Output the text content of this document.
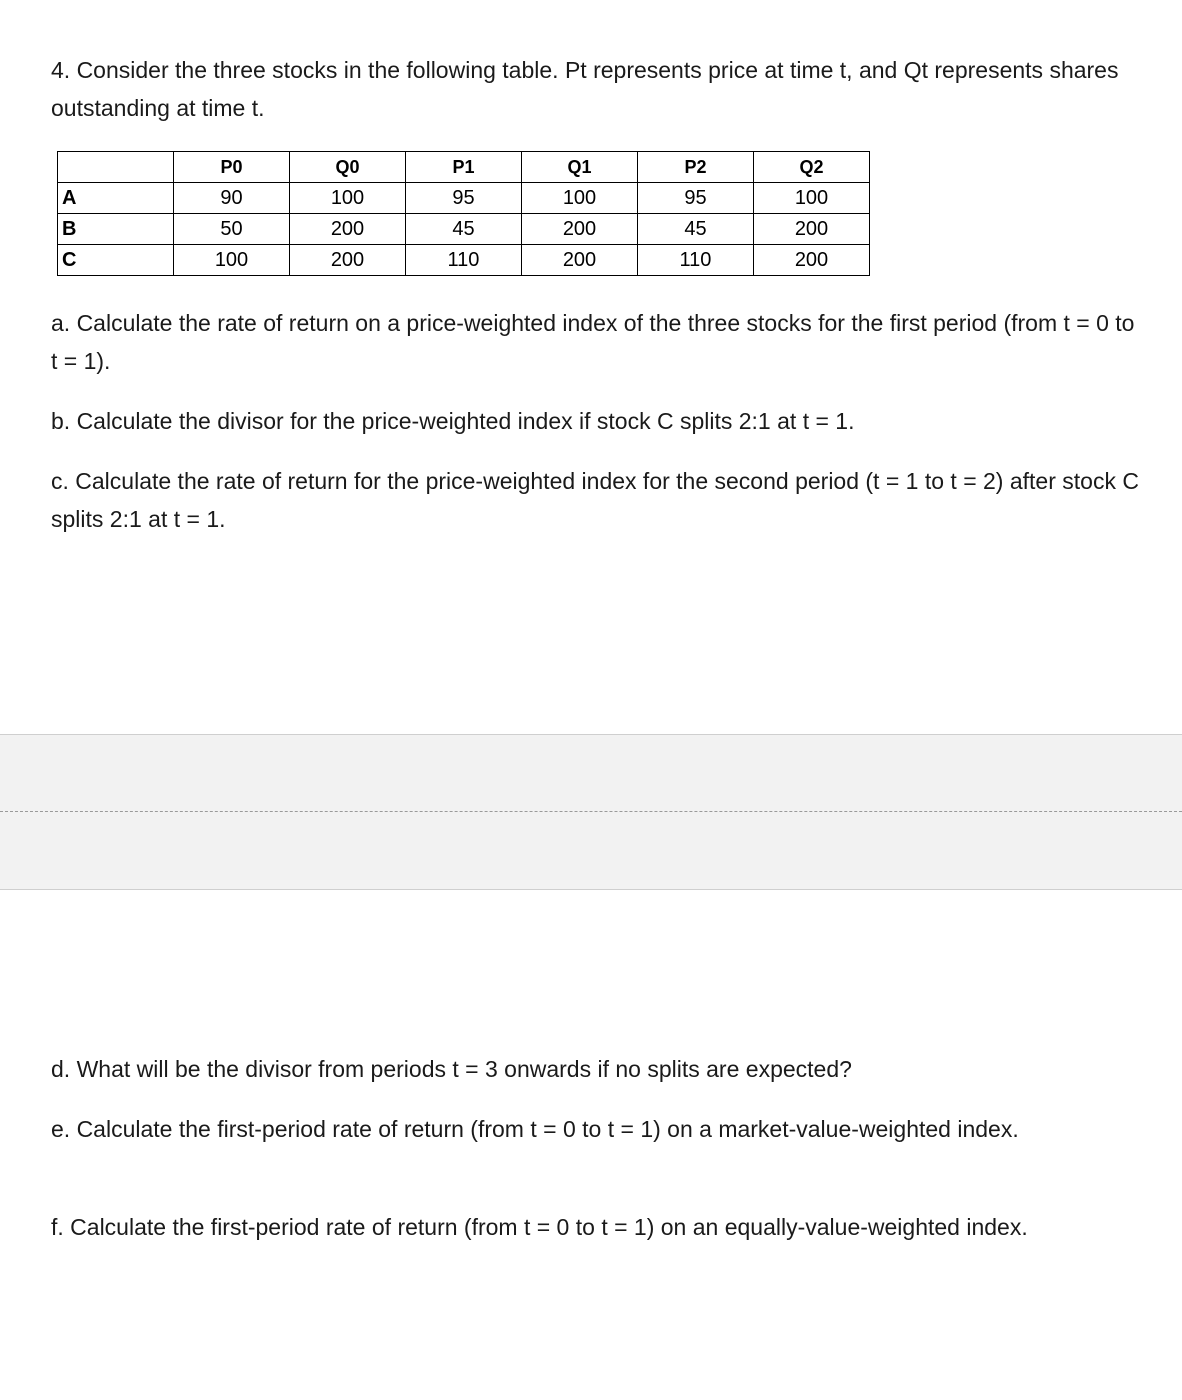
4. Consider the three stocks in the following table. Pt represents price at time t, and Qt represents shares outstanding at time t.

	P0	Q0	P1	Q1	P2	Q2
A	90	100	95	100	95	100
B	50	200	45	200	45	200
C	100	200	110	200	110	200

a. Calculate the rate of return on a price-weighted index of the three stocks for the first period (from t = 0 to t = 1).

b. Calculate the divisor for the price-weighted index if stock C splits 2:1 at t = 1.

c. Calculate the rate of return for the price-weighted index for the second period (t = 1 to t = 2) after stock C splits 2:1 at t = 1.

d. What will be the divisor from periods t = 3 onwards if no splits are expected?

e. Calculate the first-period rate of return (from t = 0 to t = 1) on a market-value-weighted index.

f. Calculate the first-period rate of return (from t = 0 to t = 1) on an equally-value-weighted index.
